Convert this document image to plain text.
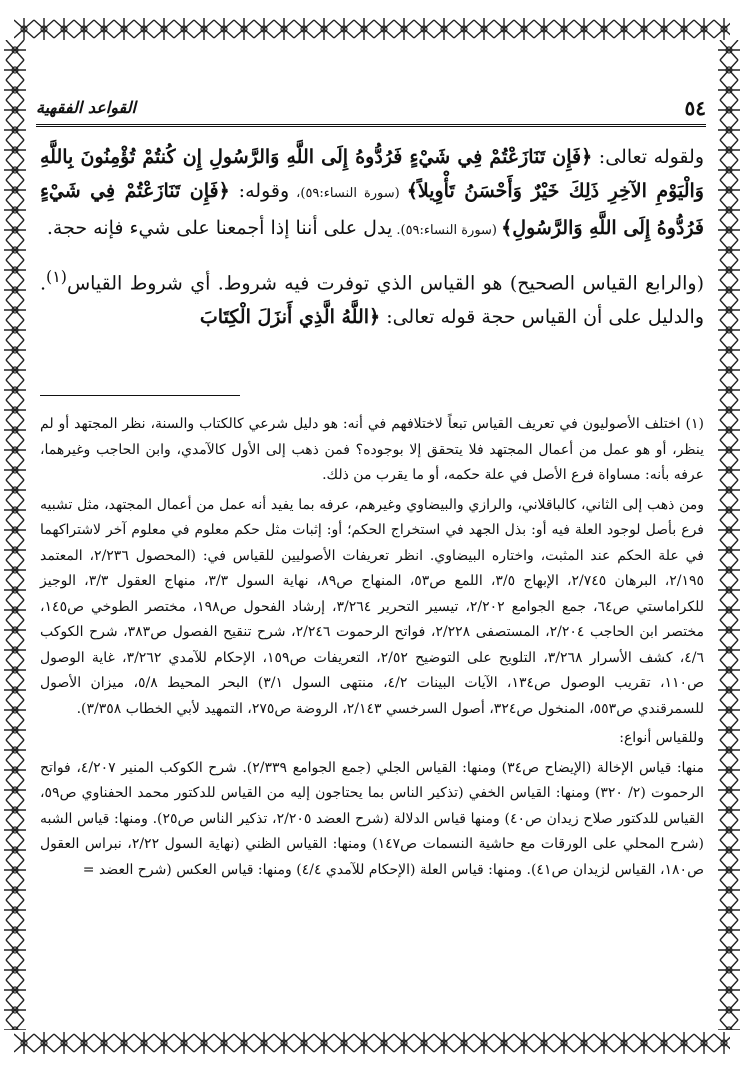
٥٤
القواعد الفقهية

ولقوله تعالى: ﴿فَإِن تَنَازَعْتُمْ فِي شَيْءٍ فَرُدُّوهُ إِلَى اللَّهِ وَالرَّسُولِ إِن كُنتُمْ تُؤْمِنُونَ بِاللَّهِ وَالْيَوْمِ الآخِرِ ذَلِكَ خَيْرٌ وَأَحْسَنُ تَأْوِيلاً﴾ (سورة النساء:٥٩)، وقوله: ﴿فَإِن تَنَازَعْتُمْ فِي شَيْءٍ فَرُدُّوهُ إِلَى اللَّهِ وَالرَّسُولِ﴾ (سورة النساء:٥٩). يدل على أننا إذا أجمعنا على شيء فإنه حجة.

(والرابع القياس الصحيح) هو القياس الذي توفرت فيه شروط. أي شروط القياس$^{(١)}$. والدليل على أن القياس حجة قوله تعالى: ﴿اللَّهُ الَّذِي أَنزَلَ الْكِتَابَ

(١) اختلف الأصوليون في تعريف القياس تبعاً لاختلافهم في أنه: هو دليل شرعي كالكتاب والسنة، نظر المجتهد أو لم ينظر، أو هو عمل من أعمال المجتهد فلا يتحقق إلا بوجوده؟ فمن ذهب إلى الأول كالآمدي، وابن الحاجب وغيرهما، عرفه بأنه: مساواة فرع الأصل في علة حكمه، أو ما يقرب من ذلك.

ومن ذهب إلى الثاني، كالباقلاني، والرازي والبيضاوي وغيرهم، عرفه بما يفيد أنه عمل من أعمال المجتهد، مثل تشبيه فرع بأصل لوجود العلة فيه أو: بذل الجهد في استخراج الحكم؛ أو: إثبات مثل حكم معلوم في معلوم آخر لاشتراكهما في علة الحكم عند المثبت، واختاره البيضاوي. انظر تعريفات الأصوليين للقياس في: (المحصول ٢/٢٣٦، المعتمد ٢/١٩٥، البرهان ٢/٧٤٥، الإبهاج ٣/٥، اللمع ص٥٣، المنهاج ص٨٩، نهاية السول ٣/٣، منهاج العقول ٣/٣، الوجيز للكراماستي ص٦٤، جمع الجوامع ٢/٢٠٢، تيسير التحرير ٣/٢٦٤، إرشاد الفحول ص١٩٨، مختصر الطوخي ص١٤٥، مختصر ابن الحاجب ٢/٢٠٤، المستصفى ٢/٢٢٨، فواتح الرحموت ٢/٢٤٦، شرح تنقيح الفصول ص٣٨٣، شرح الكوكب ٤/٦، كشف الأسرار ٣/٢٦٨، التلويح على التوضيح ٢/٥٢، التعريفات ص١٥٩، الإحكام للآمدي ٣/٢٦٢، غاية الوصول ص١١٠، تقريب الوصول ص١٣٤، الآيات البينات ٤/٢، منتهى السول ٣/١) البحر المحيط ٥/٨، ميزان الأصول للسمرقندي ص٥٥٣، المنخول ص٣٢٤، أصول السرخسي ٢/١٤٣، الروضة ص٢٧٥، التمهيد لأبي الخطاب ٣/٣٥٨).

وللقياس أنواع:

منها: قياس الإخالة (الإيضاح ص٣٤) ومنها: القياس الجلي (جمع الجوامع ٢/٣٣٩). شرح الكوكب المنير ٤/٢٠٧، فواتح الرحموت (٢/ ٣٢٠) ومنها: القياس الخفي (تذكير الناس بما يحتاجون إليه من القياس للدكتور محمد الحفناوي ص٥٩، القياس للدكتور صلاح زيدان ص٤٠) ومنها قياس الدلالة (شرح العضد ٢/٢٠٥، تذكير الناس ص٢٥). ومنها: قياس الشبه (شرح المحلي على الورقات مع حاشية النسمات ص١٤٧) ومنها: القياس الظني (نهاية السول ٢/٢٢، نبراس العقول ص١٨٠، القياس لزيدان ص٤١). ومنها: قياس العلة (الإحكام للآمدي ٤/٤) ومنها: قياس العكس (شرح العضد =
